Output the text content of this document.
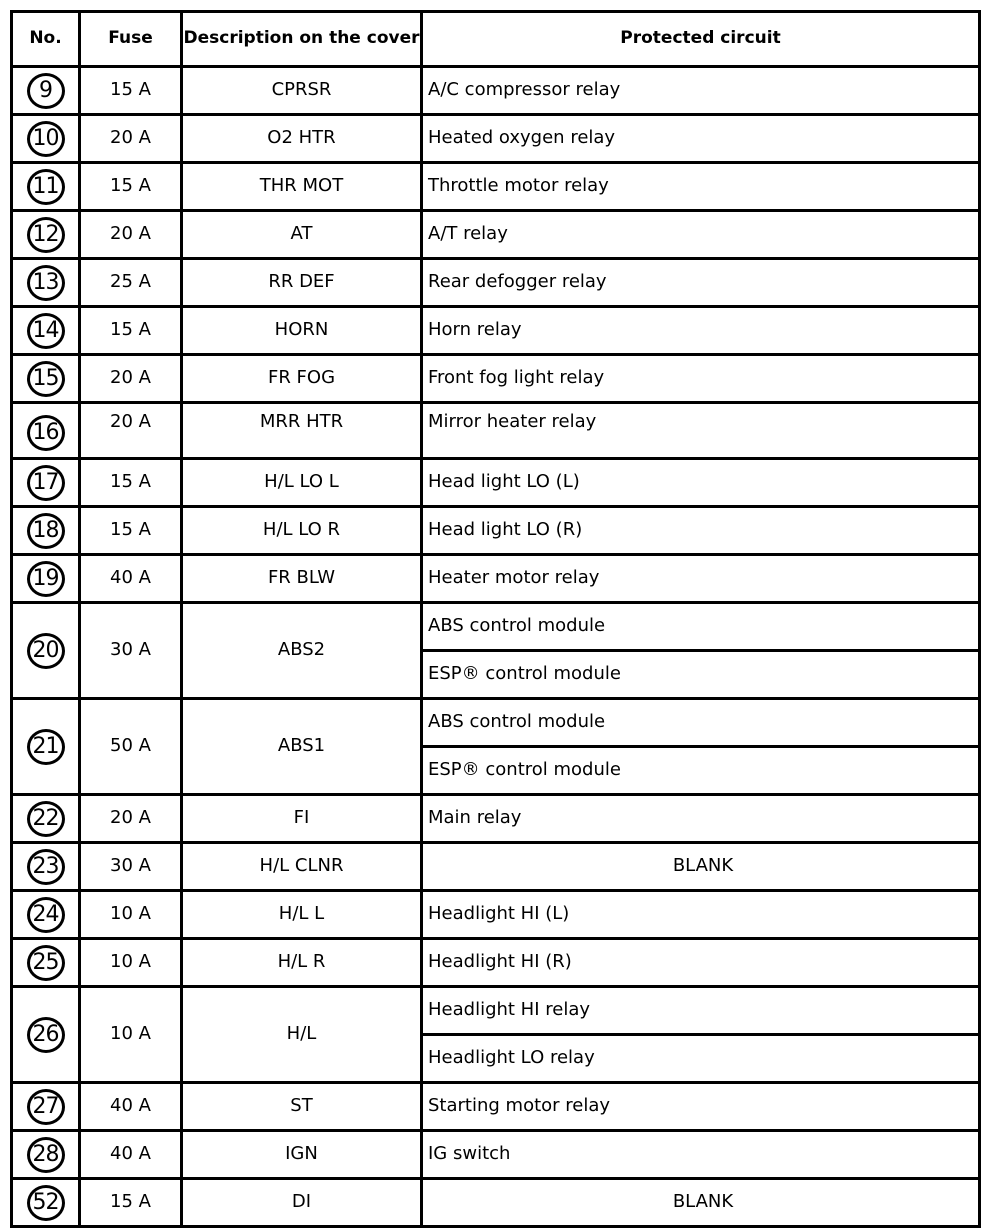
No.	Fuse	Description on the cover	Protected circuit
9	15 A	CPRSR	A/C compressor relay
10	20 A	O2 HTR	Heated oxygen relay
11	15 A	THR MOT	Throttle motor relay
12	20 A	AT	A/T relay
13	25 A	RR DEF	Rear defogger relay
14	15 A	HORN	Horn relay
15	20 A	FR FOG	Front fog light relay
16	20 A	MRR HTR	Mirror heater relay
17	15 A	H/L LO L	Head light LO (L)
18	15 A	H/L LO R	Head light LO (R)
19	40 A	FR BLW	Heater motor relay
20	30 A	ABS2	ABS control module
			ESP® control module
21	50 A	ABS1	ABS control module
			ESP® control module
22	20 A	FI	Main relay
23	30 A	H/L CLNR	BLANK
24	10 A	H/L L	Headlight HI (L)
25	10 A	H/L R	Headlight HI (R)
26	10 A	H/L	Headlight HI relay
			Headlight LO relay
27	40 A	ST	Starting motor relay
28	40 A	IGN	IG switch
52	15 A	DI	BLANK
